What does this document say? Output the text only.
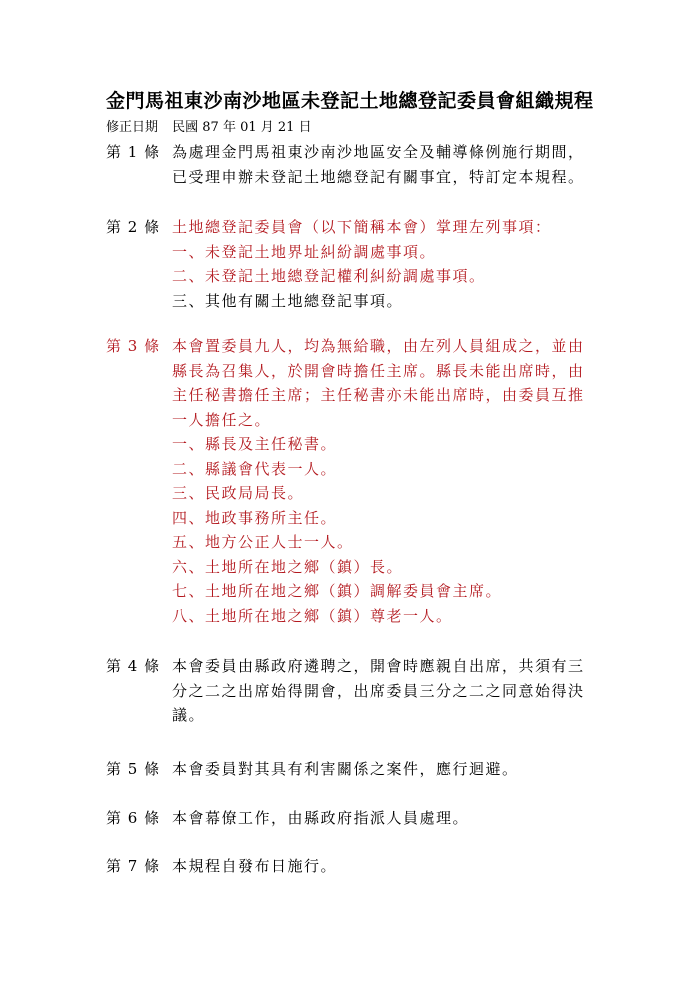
金門馬祖東沙南沙地區未登記土地總登記委員會組織規程
修正日期 民國 87 年 01 月 21 日
第 1 條 為處理金門馬祖東沙南沙地區安全及輔導條例施行期間，已受理申辦未登記土地總登記有關事宜，特訂定本規程。

第 2 條 土地總登記委員會（以下簡稱本會）掌理左列事項：

一、未登記土地界址糾紛調處事項。
二、未登記土地總登記權利糾紛調處事項。
三、其他有關土地總登記事項。
第 3 條 本會置委員九人，均為無給職，由左列人員組成之，並由縣長為召集人，於開會時擔任主席。縣長未能出席時，由主任秘書擔任主席；主任秘書亦未能出席時，由委員互推一人擔任之。

一、縣長及主任秘書。
二、縣議會代表一人。
三、民政局局長。
四、地政事務所主任。
五、地方公正人士一人。
六、土地所在地之鄉（鎮）長。
七、土地所在地之鄉（鎮）調解委員會主席。
八、土地所在地之鄉（鎮）尊老一人。
第 4 條 本會委員由縣政府遴聘之，開會時應親自出席，共須有三分之二之出席始得開會，出席委員三分之二之同意始得決議。

第 5 條 本會委員對其具有利害關係之案件，應行迴避。

第 6 條 本會幕僚工作，由縣政府指派人員處理。

第 7 條 本規程自發布日施行。
